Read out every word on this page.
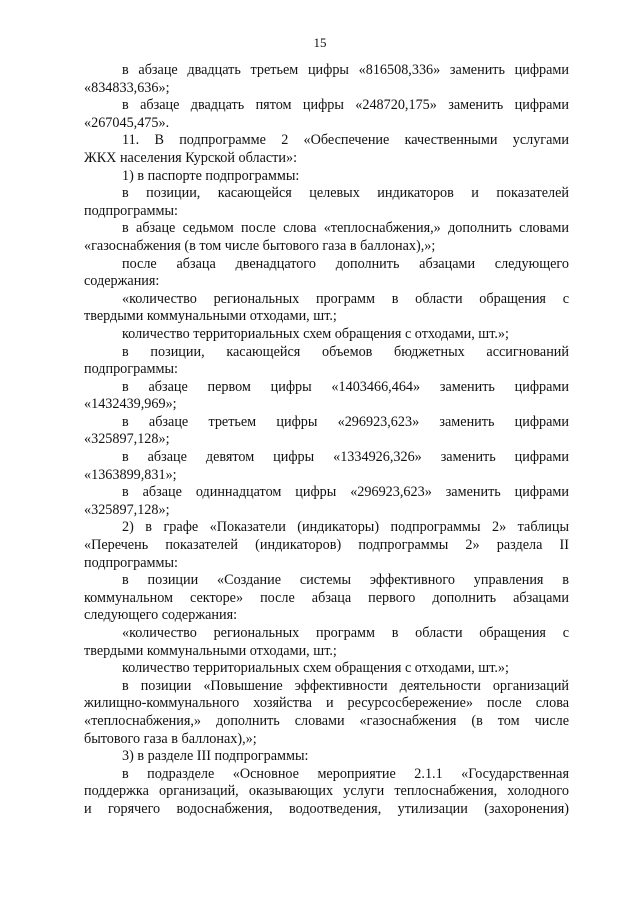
15
в абзаце двадцать третьем цифры «816508,336» заменить цифрами
«834833,636»;
в абзаце двадцать пятом цифры «248720,175» заменить цифрами
«267045,475».
11. В подпрограмме 2 «Обеспечение качественными услугами
ЖКХ населения Курской области»:
1) в паспорте подпрограммы:
в позиции, касающейся целевых индикаторов и показателей
подпрограммы:
в абзаце седьмом после слова «теплоснабжения,» дополнить словами
«газоснабжения (в том числе бытового газа в баллонах),»;
после абзаца двенадцатого дополнить абзацами следующего
содержания:
«количество региональных программ в области обращения с
твердыми коммунальными отходами, шт.;
количество территориальных схем обращения с отходами, шт.»;
в позиции, касающейся объемов бюджетных ассигнований
подпрограммы:
в абзаце первом цифры «1403466,464» заменить цифрами
«1432439,969»;
в абзаце третьем цифры «296923,623» заменить цифрами
«325897,128»;
в абзаце девятом цифры «1334926,326» заменить цифрами
«1363899,831»;
в абзаце одиннадцатом цифры «296923,623» заменить цифрами
«325897,128»;
2) в графе «Показатели (индикаторы) подпрограммы 2» таблицы
«Перечень показателей (индикаторов) подпрограммы 2» раздела II
подпрограммы:
в позиции «Создание системы эффективного управления в
коммунальном секторе» после абзаца первого дополнить абзацами
следующего содержания:
«количество региональных программ в области обращения с
твердыми коммунальными отходами, шт.;
количество территориальных схем обращения с отходами, шт.»;
в позиции «Повышение эффективности деятельности организаций
жилищно-коммунального хозяйства и ресурсосбережение» после слова
«теплоснабжения,» дополнить словами «газоснабжения (в том числе
бытового газа в баллонах),»;
3) в разделе III подпрограммы:
в подразделе «Основное мероприятие 2.1.1 «Государственная
поддержка организаций, оказывающих услуги теплоснабжения, холодного
и горячего водоснабжения, водоотведения, утилизации (захоронения)
